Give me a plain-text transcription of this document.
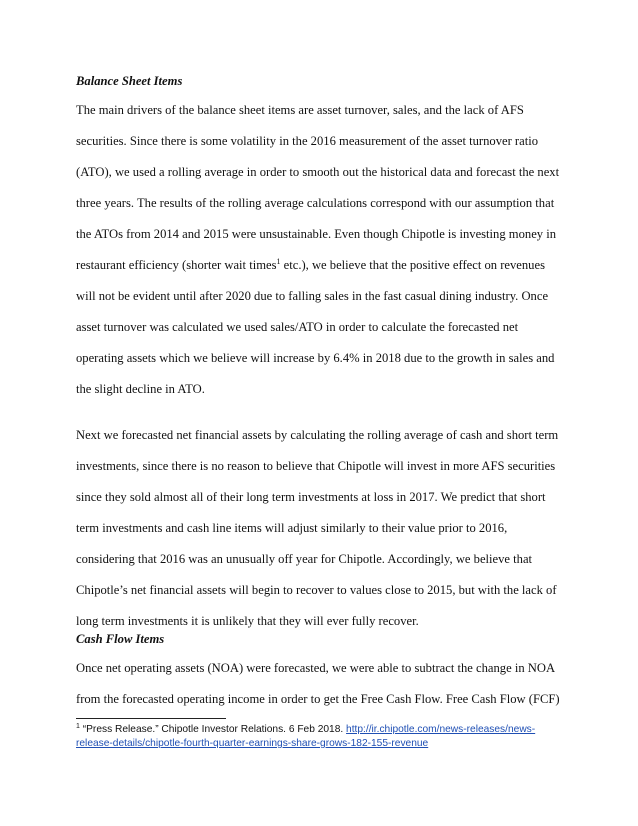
Balance Sheet Items
The main drivers of the balance sheet items are asset turnover, sales, and the lack of AFS
securities. Since there is some volatility in the 2016 measurement of the asset turnover ratio
(ATO), we used a rolling average in order to smooth out the historical data and forecast the next
three years. The results of the rolling average calculations correspond with our assumption that
the ATOs from 2014 and 2015 were unsustainable. Even though Chipotle is investing money in
restaurant efficiency (shorter wait times$^1$ etc.), we believe that the positive effect on revenues
will not be evident until after 2020 due to falling sales in the fast casual dining industry. Once
asset turnover was calculated we used sales/ATO in order to calculate the forecasted net
operating assets which we believe will increase by 6.4% in 2018 due to the growth in sales and
the slight decline in ATO.
Next we forecasted net financial assets by calculating the rolling average of cash and short term
investments, since there is no reason to believe that Chipotle will invest in more AFS securities
since they sold almost all of their long term investments at loss in 2017. We predict that short
term investments and cash line items will adjust similarly to their value prior to 2016,
considering that 2016 was an unusually off year for Chipotle. Accordingly, we believe that
Chipotle’s net financial assets will begin to recover to values close to 2015, but with the lack of
long term investments it is unlikely that they will ever fully recover.
Cash Flow Items
Once net operating assets (NOA) were forecasted, we were able to subtract the change in NOA
from the forecasted operating income in order to get the Free Cash Flow. Free Cash Flow (FCF)
$^1$ “Press Release.” Chipotle Investor Relations. 6 Feb 2018. http://ir.chipotle.com/news-releases/news-
release-details/chipotle-fourth-quarter-earnings-share-grows-182-155-revenue
